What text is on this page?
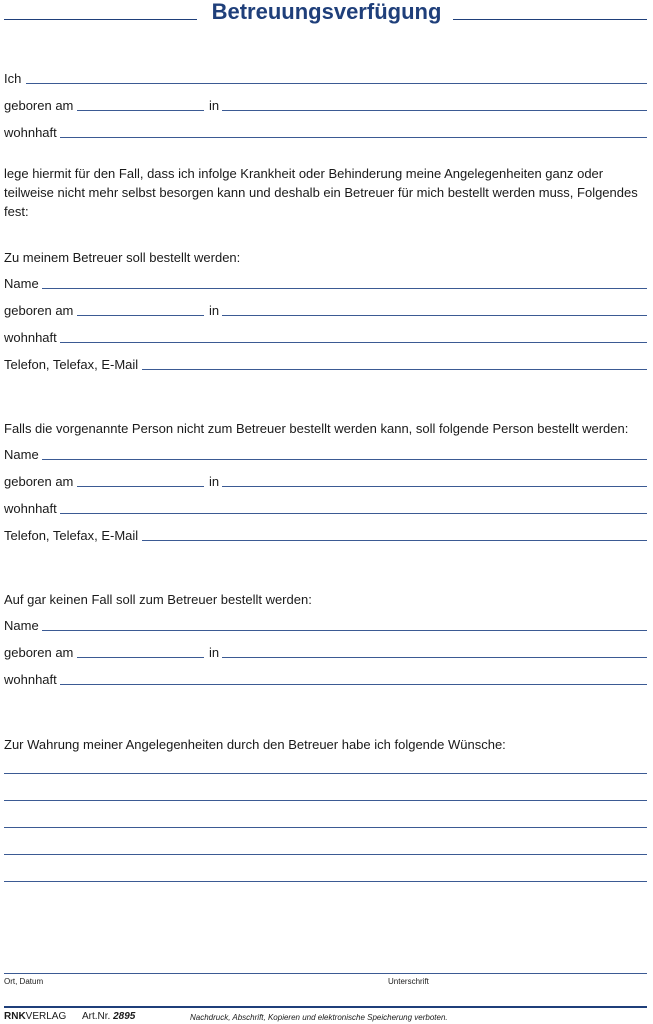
Betreuungsverfügung
Ich
geboren am	in
wohnhaft
lege hiermit für den Fall, dass ich infolge Krankheit oder Behinderung meine Angelegenheiten ganz oder teilweise nicht mehr selbst besorgen kann und deshalb ein Betreuer für mich bestellt werden muss, Folgendes fest:
Zu meinem Betreuer soll bestellt werden:
Name
geboren am	in
wohnhaft
Telefon, Telefax, E-Mail
Falls die vorgenannte Person nicht zum Betreuer bestellt werden kann, soll folgende Person bestellt werden:
Name
geboren am	in
wohnhaft
Telefon, Telefax, E-Mail
Auf gar keinen Fall soll zum Betreuer bestellt werden:
Name
geboren am	in
wohnhaft
Zur Wahrung meiner Angelegenheiten durch den Betreuer habe ich folgende Wünsche:
Ort, Datum	Unterschrift
RNKVERLAG Art.Nr. 2895	Nachdruck, Abschrift, Kopieren und elektronische Speicherung verboten.
